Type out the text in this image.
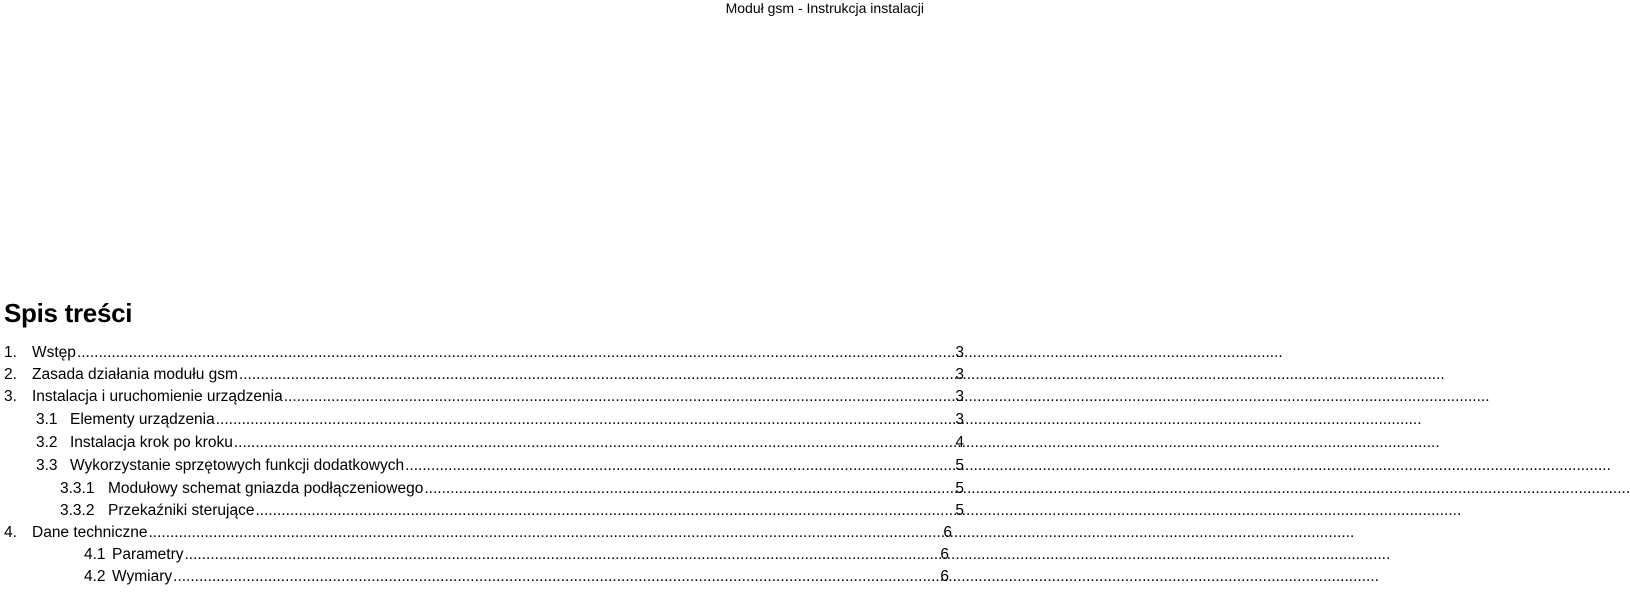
Moduł gsm - Instrukcja instalacji
Spis treści
1. Wstęp .....	3
2. Zasada działania modułu gsm .....	3
3. Instalacja i uruchomienie urządzenia .....	3
3.1 Elementy urządzenia .....	3
3.2 Instalacja krok po kroku .....	4
3.3 Wykorzystanie sprzętowych funkcji dodatkowych .....	5
3.3.1 Modułowy schemat gniazda podłączeniowego .....	5
3.3.2 Przekaźniki sterujące .....	5
4. Dane techniczne .....	6
4.1 Parametry .....	6
4.2 Wymiary .....	6
